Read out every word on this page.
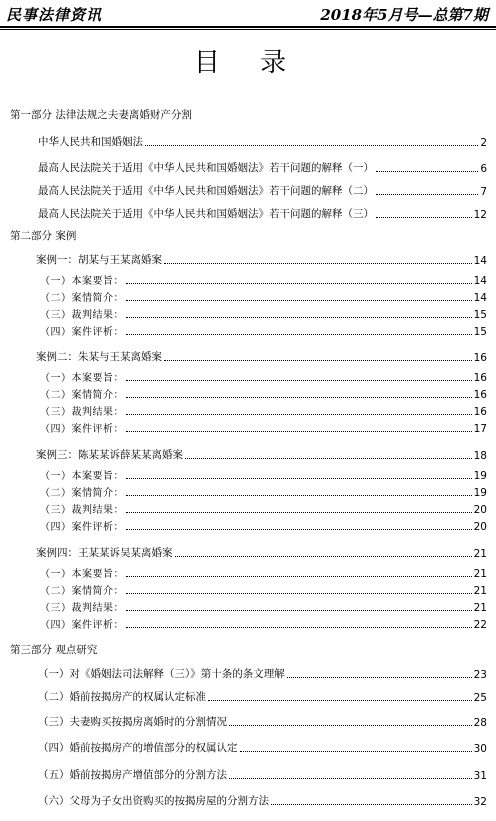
民事法律资讯	2018年5月号—总第7期
目 录
第一部分 法律法规之夫妻离婚财产分割
中华人民共和国婚姻法	2
最高人民法院关于适用《中华人民共和国婚姻法》若干问题的解释（一）	6
最高人民法院关于适用《中华人民共和国婚姻法》若干问题的解释（二）	7
最高人民法院关于适用《中华人民共和国婚姻法》若干问题的解释（三）	12
第二部分 案例
案例一：胡某与王某离婚案	14
（一）本案要旨：	14
（二）案情简介：	14
（三）裁判结果：	15
（四）案件评析：	15
案例二：朱某与王某离婚案	16
（一）本案要旨：	16
（二）案情简介：	16
（三）裁判结果：	16
（四）案件评析：	17
案例三：陈某某诉薛某某离婚案	18
（一）本案要旨：	19
（二）案情简介：	19
（三）裁判结果：	20
（四）案件评析：	20
案例四：王某某诉吴某离婚案	21
（一）本案要旨：	21
（二）案情简介：	21
（三）裁判结果：	21
（四）案件评析：	22
第三部分 观点研究
（一）对《婚姻法司法解释（三）》第十条的条文理解	23
（二）婚前按揭房产的权属认定标准	25
（三）夫妻购买按揭房离婚时的分割情况	28
（四）婚前按揭房产的增值部分的权属认定	30
（五）婚前按揭房产增值部分的分割方法	31
（六）父母为子女出资购买的按揭房屋的分割方法	32
